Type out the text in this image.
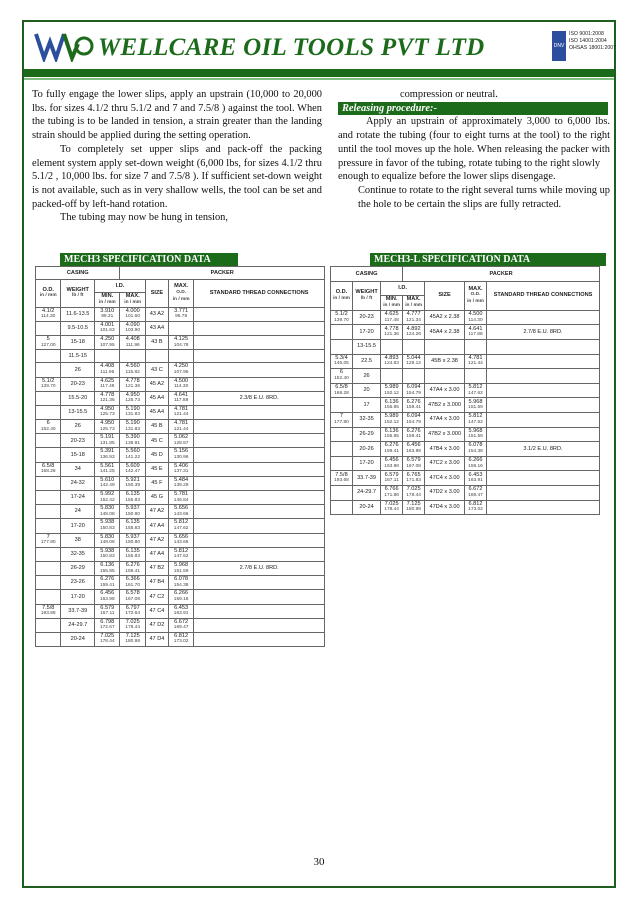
WELLCARE OIL TOOLS PVT LTD	DNV
ISO 9001:2008
ISO 14001:2004
OHSAS 18001:2007

To fully engage the lower slips, apply an upstrain (10,000 to 20,000 lbs. for sizes 4.1/2 thru 5.1/2 and 7 and 7.5/8 ) against the tool. When the tubing is to be landed in tension, a strain greater than the landing strain should be applied during the setting operation.

To completely set upper slips and pack-off the packing element system apply set-down weight (6,000 lbs, for sizes 4.1/2 thru 5.1/2 , 10,000 lbs. for size 7 and 7.5/8 ). If sufficient set-down weight is not available, such as in very shallow wells, the tool can be set and packed-off by left-hand rotation.

The tubing may now be hung in tension,

compression or neutral.

Releasing procedure:-

Apply an upstrain of approximately 3,000 to 6,000 lbs. and rotate the tubing (four to eight turns at the tool) to the right until the tool moves up the hole. When releasing the packer with pressure in favor of the tubing, rotate tubing to the right slowly

enough to equalize before the lower slips disengage.

Continue to rotate to the right several turns while moving up the hole to be certain the slips are fully retracted.

MECH3 SPECIFICATION DATA	MECH3-L SPECIFICATION DATA
CASING			PACKER			
O.D.
in / mm	WEIGHT
lb / ft	I.D.		SIZE	MAX.
O.D.
in / mm	STANDARD THREAD CONNECTIONS
		MIN.
in / mm	MAX.
in / mm			

4.1/2
114.30	11.6-13.5	3.910
99.31	4.000
101.60	43 A2	3.771
95.78	

	9.5-10.5	4.001
101.63	4.090
103.90	43 A4	

5
127.00	15-18	4.250
107.95	4.408
111.96	43 B	4.125
104.78	

	11.5-15	

	26	4.408
111.96	4.560
115.82	43 C	4.250
107.95	

5.1/2
139.70	20-23	4.625
117.48	4.778
121.36	45 A2	4.500
114.30	

	15.5-20	4.778
121.36	4.950
125.73	45 A4	4.641
117.88	2.3/8 E.U. 8RD.

	13-15.5	4.950
125.73	5.190
131.83	45 A4	4.781
121.44	

6
152.40	26	4.950
125.73	5.190
131.83	45 B	4.781
121.44	

	20-23	5.191
131.85	5.390
136.91	45 C	5.062
128.57	

	15-18	5.391
136.93	5.560
141.22	45 D	5.156
130.96	

6.5/8
168.28	34	5.561
141.25	5.609
142.47	45 E	5.406
137.31	

	24-32	5.610
142.49	5.921
150.39	45 F	5.484
139.29	

	17-24	5.992
152.42	6.135
155.83	45 G	5.781
146.84	

	24	5.830
148.08	5.937
150.80	47 A2	5.656
143.66	

	17-20	5.938
150.83	6.135
155.83	47 A4	5.812
147.62	

7
177.80	38	5.830
148.08	5.937
150.80	47 A2	5.656
143.66	

	32-35	5.938
150.83	6.135
155.83	47 A4	5.812
147.62	

	26-29	6.136
155.85	6.276
159.41	47 B2	5.968
151.59	2.7/8 E.U. 8RD.

	23-26	6.276
159.41	6.366
161.70	47 B4	6.078
154.38	

	17-20	6.456
163.98	6.578
167.08	47 C2	6.266
159.16	

7.5/8
193.68	33.7-39	6.579
167.11	6.797
172.64	47 C4	6.453
163.91	

	24-29.7	6.798
172.67	7.025
178.44	47 D2	6.672
169.47	

	20-24	7.025
178.44	7.125
180.98	47 D4	6.812
173.02	

CASING			PACKER			
O.D.
in / mm	WEIGHT
lb / ft	I.D.		SIZE	MAX.
O.D.
in / mm	STANDARD THREAD CONNECTIONS
		MIN.
in / mm	MAX.
in / mm			

5.1/2
139.70	20-23	4.625
117.48	4.777
121.34	45A2 x 2.38	4.500
114.30	

	17-20	4.778
121.36	4.892
124.26	45A4 x 2.38	4.641
117.88	2.7/8 E.U. 8RD.

	13-15.5	

5.3/4
146.05	22.5	4.893
124.83	5.044
128.12	45B x 2.38	4.781
121.44	

6
152.40	26	

6.5/8
168.28	20	5.989
152.12	6.094
154.79	47A4 x 3.00	5.812
147.62	

	17	6.136
155.85	6.276
159.41	47B2 x 3.000	5.968
151.59	

7
177.80	32-35	5.989
152.12	6.094
154.79	47A4 x 3.00	5.812
147.62	

	26-29	6.136
155.85	6.276
159.41	47B2 x 3.000	5.968
151.59	

	20-26	6.276
159.41	6.456
163.98	47B4 x 3.00	6.078
154.38	3.1/2 E.U. 8RD.

	17-20	6.456
163.98	6.579
167.08	47C2 x 3.00	6.266
159.16	

7.5/8
193.68	33.7-39	6.579
167.11	6.765
171.83	47C4 x 3.00	6.453
163.91	

	24-29.7	6.766
171.86	7.025
178.44	47D2 x 3.00	6.672
169.47	

	20-24	7.025
178.44	7.125
180.98	47D4 x 3.00	6.812
173.02	

30
